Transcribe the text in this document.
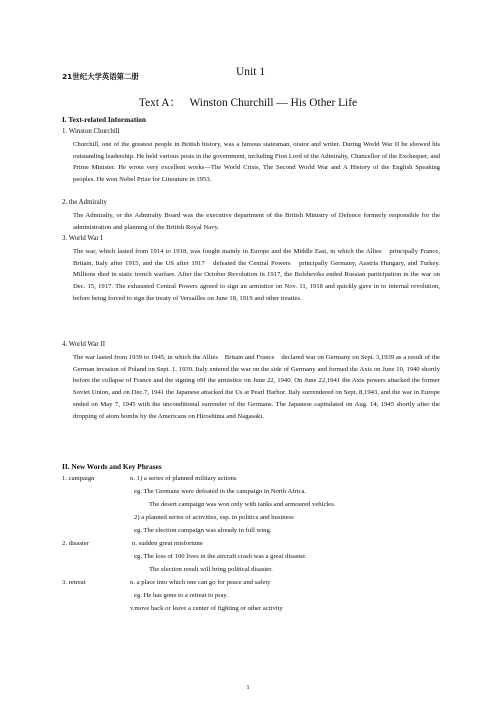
21世纪大学英语第二册	Unit 1
Text A： Winston Churchill — His Other Life
I. Text-related Information
1. Winston Churchill
Churchill, one of the greatest people in British history, was a famous statesman, orator and writer. During World War II he showed his outstanding leadership. He held various posts in the government, including First Lord of the Admiralty, Chancellor of the Exchequer, and Prime Minister. He wrote very excellent works—The World Crisis, The Second World War and A History of the English Speaking peoples. He won Nobel Prize for Literature in 1953.
2. the Admiralty
The Admiralty, or the Admiralty Board was the executive department of the British Ministry of Defence formerly responsible for the administration and planning of the British Royal Navy.
3. World War I
The war, which lasted from 1914 to 1918, was fought mainly in Europe and the Middle East, in which the Allies　principally France, Britain, Italy after 1915, and the US after 1917　defeated the Central Powers　principally Germany, Austria Hungary, and Turkey. Millions died in static trench warfare. After the October Revolution in 1917, the Bolsheviks ended Russian participation in the war on Dec. 15, 1917. The exhausted Central Powers agreed to sign an armistice on Nov. 11, 1918 and quickly gave in to internal revolution, before being forced to sign the treaty of Versailles on June 18, 1919 and other treaties.
4. World War II
The war lasted from 1939 to 1945, in which the Allies　Britain and France　declared war on Germany on Sept. 3,1939 as a result of the German invasion of Poland on Sept. 1, 1939. Italy entered the war on the side of Germany and formed the Axis on June 10, 1940 shortly before the collapse of France and the signing o9f the armistice on June 22, 1940. On June 22,1941 the Axis powers attacked the former Soviet Union, and on Dec.7, 1941 the Japanese attacked the Us at Pearl Harbor. Italy surrendered on Sept. 8,1943, and the war in Europe ended on May 7, 1945 with the unconditional surrender of the Germans. The Japanese capitulated on Aug. 14, 1945 shortly after the dropping of atom bombs by the Americans on Hiroshima and Nagasaki.
II. New Words and Key Phrases
1. campaign	n. 1) a series of planned military actions
eg. The Germans were defeated in the campaign in North Africa.
The desert campaign was won only with tanks and armoured vehicles.
2) a planned series of activities, esp. in politics and business
eg. The election campaign was already in full wing.
2. disaster	n. sudden great misfortune
eg. The loss of 100 lives in the aircraft crash was a great disaster.
The election result will bring political disaster.
3. retreat	n. a place into which one can go for peace and safety
eg. He has gone to a retreat to pray.
v.move back or leave a center of fighting or other activity
1
